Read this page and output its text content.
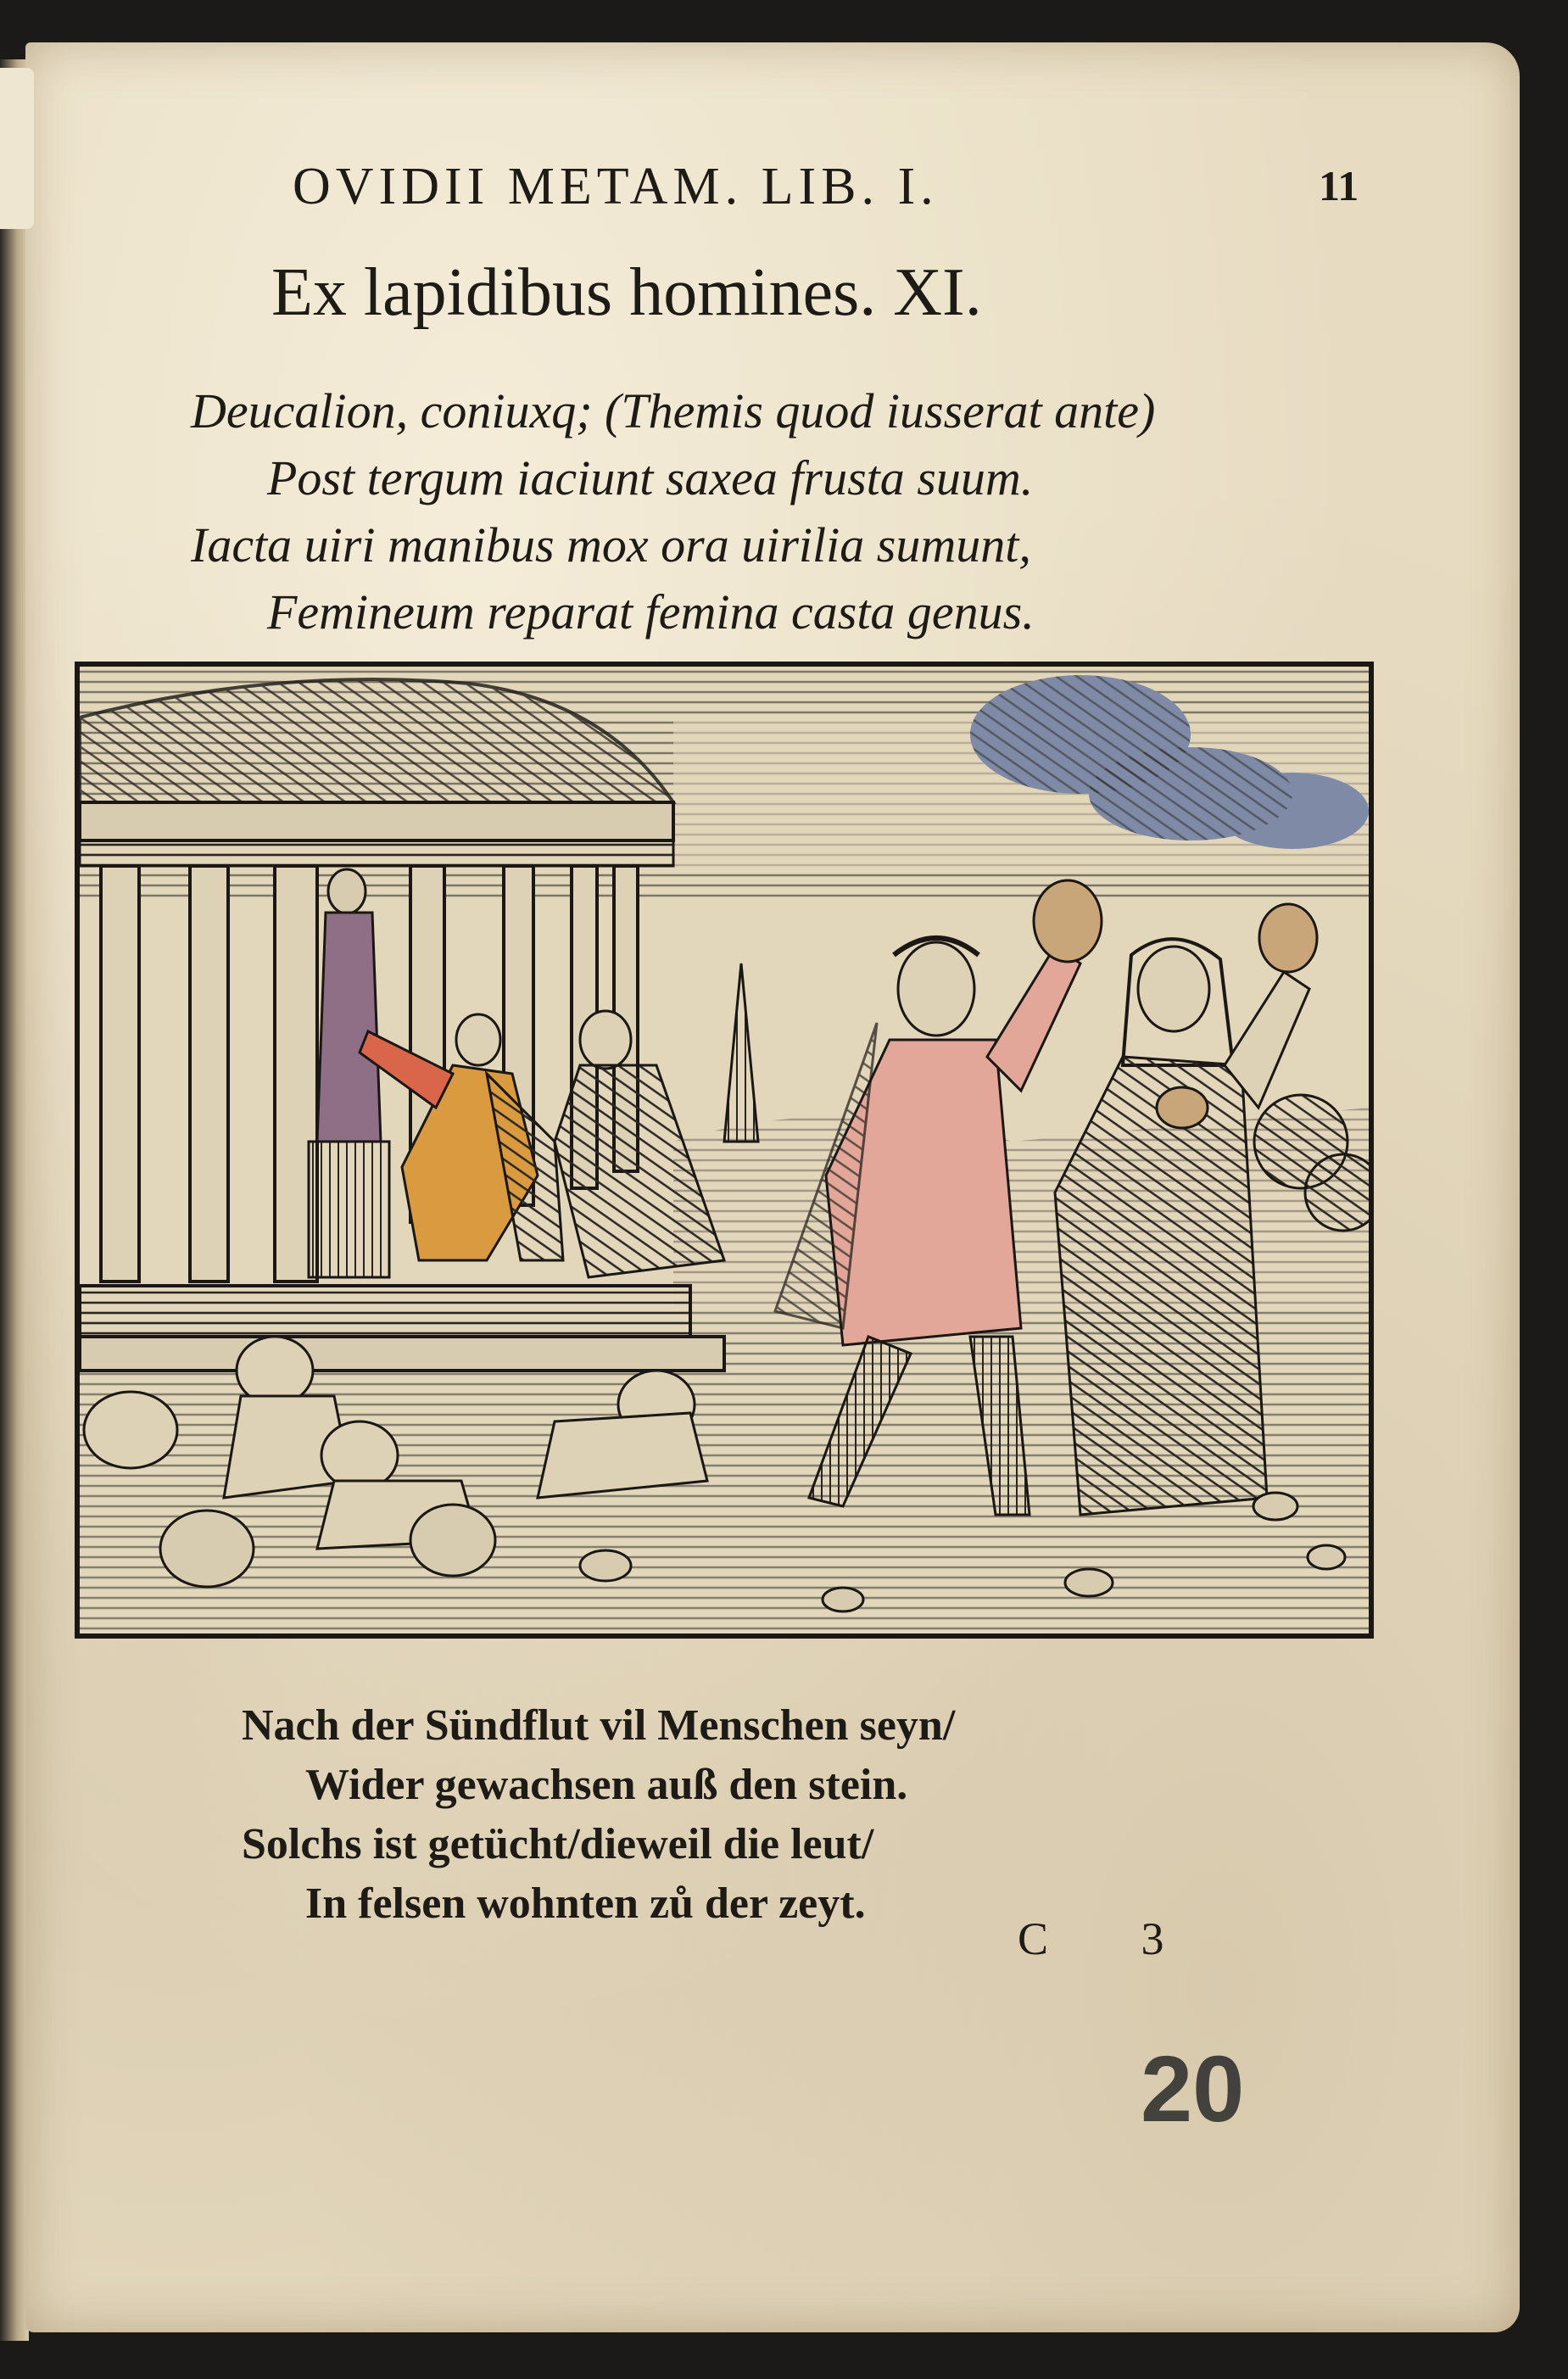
OVIDII METAM. LIB. I.	11
Ex lapidibus homines. XI.
Deucalion, coniuxq; (Themis quod iusserat ante)
Post tergum iaciunt saxea frusta suum.
Iacta uiri manibus mox ora uirilia sumunt,
Femineum reparat femina casta genus.
Nach der Sündflut vil Menschen seyn/
Wider gewachsen auß den stein.
Solchs ist getücht/dieweil die leut/
In felsen wohnten zů der zeyt.
C 3
20
